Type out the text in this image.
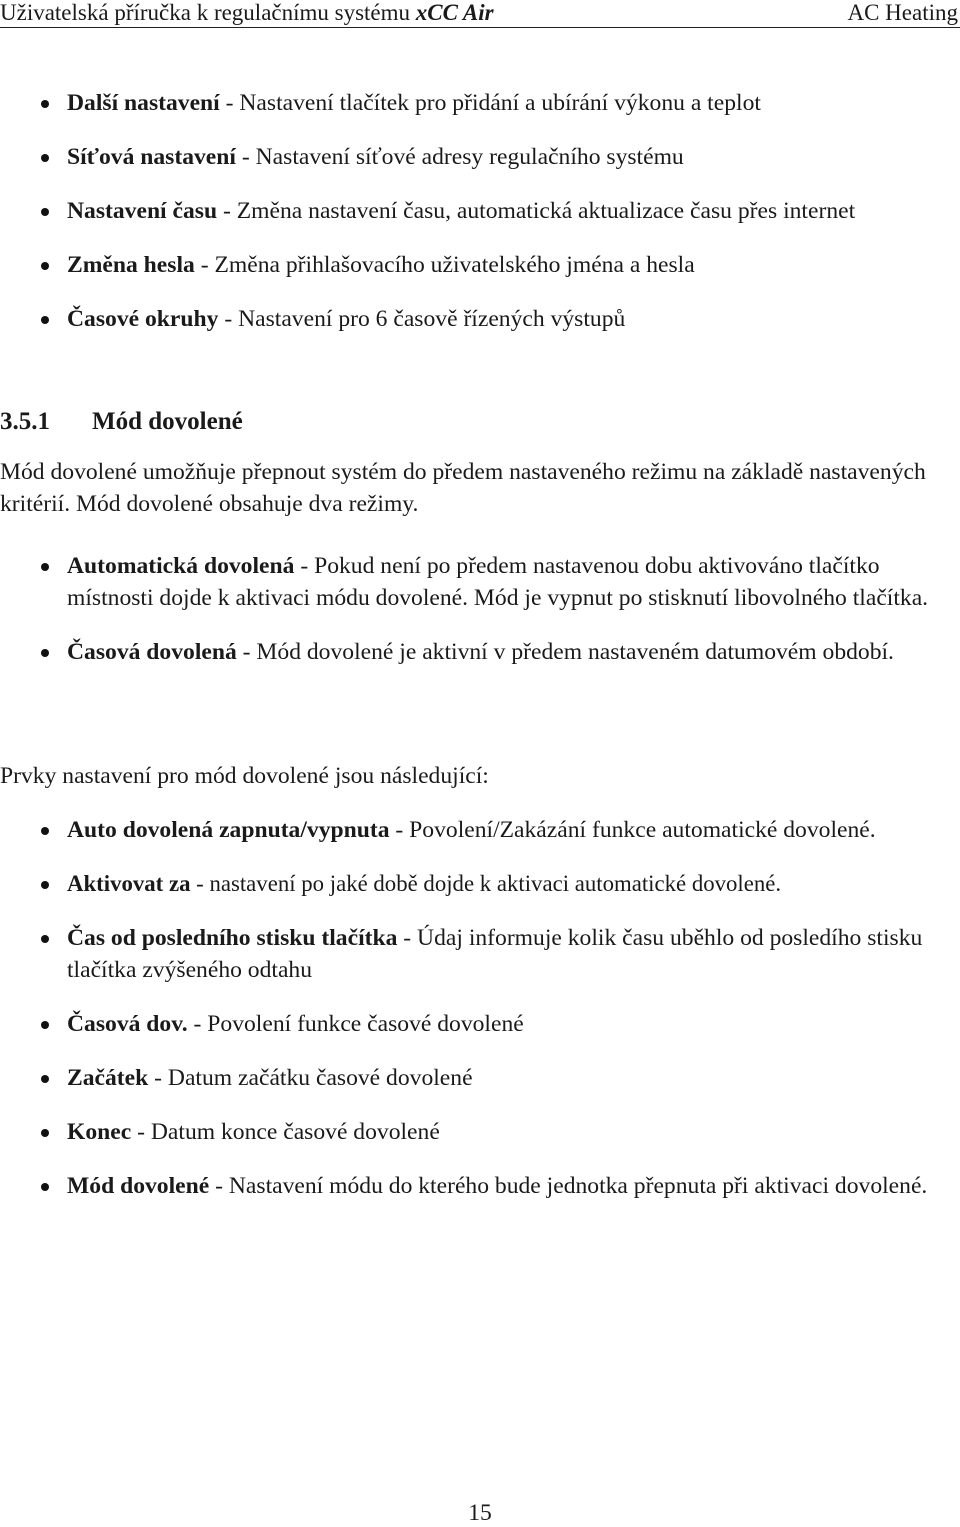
Uživatelská příručka k regulačnímu systému xCC Air	AC Heating
Další nastavení - Nastavení tlačítek pro přidání a ubírání výkonu a teplot
Síťová nastavení - Nastavení síťové adresy regulačního systému
Nastavení času - Změna nastavení času, automatická aktualizace času přes internet
Změna hesla - Změna přihlašovacího uživatelského jména a hesla
Časové okruhy - Nastavení pro 6 časově řízených výstupů
3.5.1 Mód dovolené
Mód dovolené umožňuje přepnout systém do předem nastaveného režimu na základě nastavených kritérií. Mód dovolené obsahuje dva režimy.
Automatická dovolená - Pokud není po předem nastavenou dobu aktivováno tlačítko místnosti dojde k aktivaci módu dovolené. Mód je vypnut po stisknutí libovolného tlačítka.
Časová dovolená - Mód dovolené je aktivní v předem nastaveném datumovém období.
Prvky nastavení pro mód dovolené jsou následující:
Auto dovolená zapnuta/vypnuta - Povolení/Zakázání funkce automatické dovolené.
Aktivovat za - nastavení po jaké době dojde k aktivaci automatické dovolené.
Čas od posledního stisku tlačítka - Údaj informuje kolik času uběhlo od posledího stisku tlačítka zvýšeného odtahu
Časová dov. - Povolení funkce časové dovolené
Začátek - Datum začátku časové dovolené
Konec - Datum konce časové dovolené
Mód dovolené - Nastavení módu do kterého bude jednotka přepnuta při aktivaci dovolené.
15
